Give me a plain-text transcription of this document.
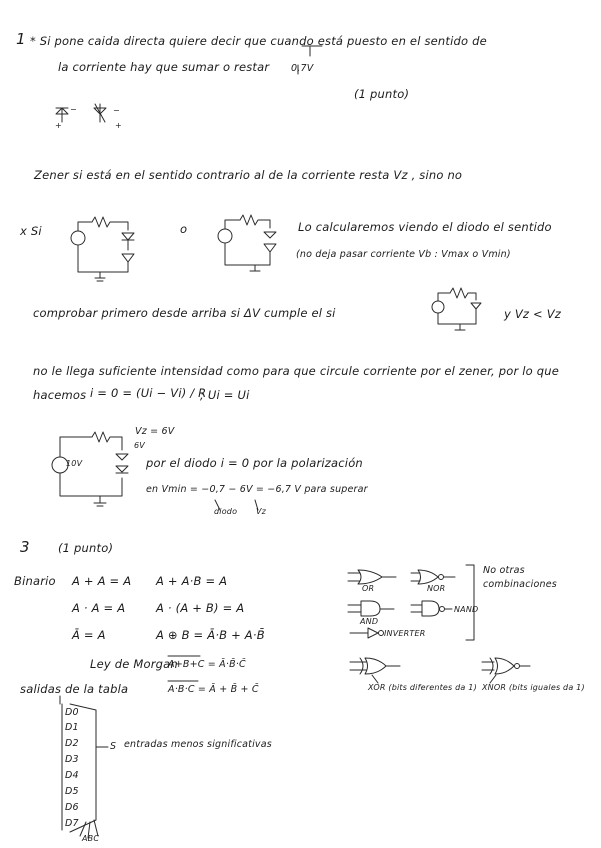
1 * Si pone caida directa quiere decir que cuando está puesto en el sentido de
la corriente hay que sumar o restar 0,7V
(1 punto)
+
−
+
−
Zener si está en el sentido contrario al de la corriente resta Vz , sino no
x Si	o	Lo calcularemos viendo el diodo el sentido
(no deja pasar corriente Vb : Vmax o Vmin)
comprobar primero desde arriba si ΔV cumple el si	y Vz < Vz
no le llega suficiente intensidad como para que circule corriente por el zener, por lo que
hacemos i = 0 = (Ui − Vi) / R
; Ui = Ui
Vz = 6V
6V
10V	por el diodo i = 0 por la polarización
en Vmin = −0,7 − 6V = −6,7 V para superar
diodo Vz
3 (1 punto)
Binario A + A = A A + A·B = A
A · A = A	A · (A + B) = A
Ā = A	A ⊕ B = Ā·B + A·B̄
Ley de Morgan
A+B+C = Ā·B̄·C̄
A·B·C = Ā + B̄ + C̄
salidas de la tabla
OR	NOR
AND
NAND
INVERTER
No otras combinaciones
XOR (bits diferentes da 1) XNOR (bits iguales da 1)
D0
D1
D2
D3
D4
D5
D6
D7
S entradas menos significativas
ABC
